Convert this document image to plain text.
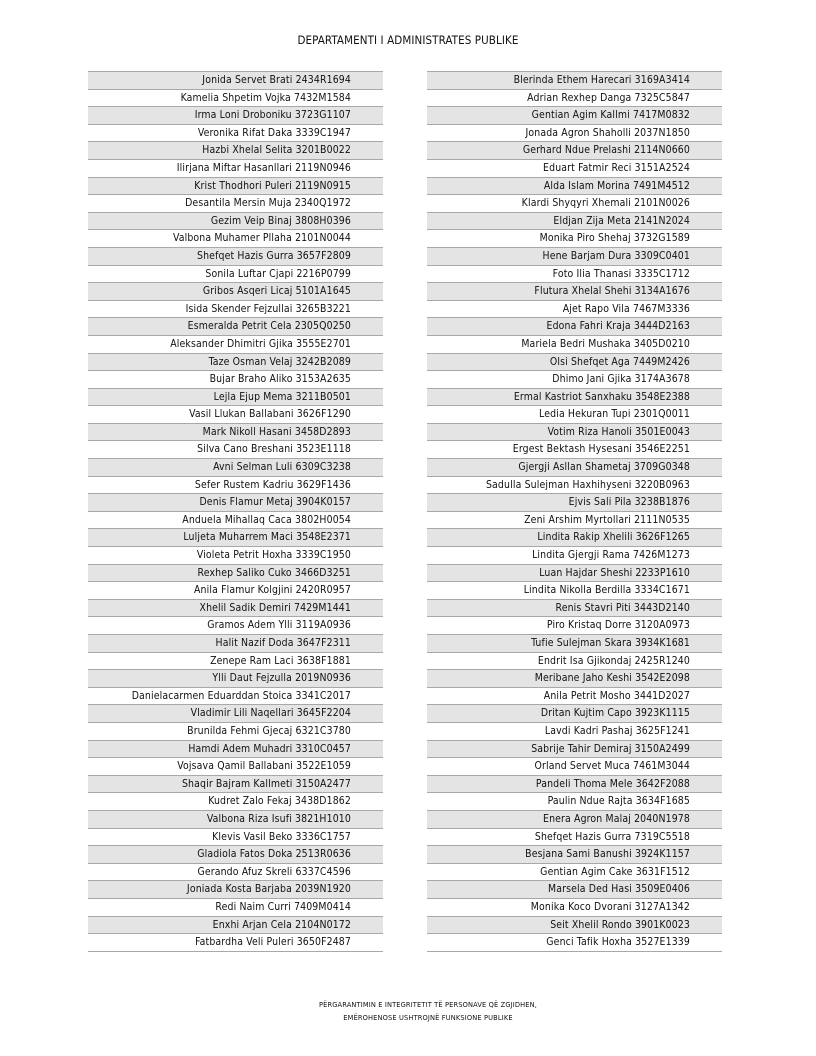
DEPARTAMENTI I ADMINISTRATES PUBLIKE
Jonida Servet Brati 2434R1694
Kamelia Shpetim Vojka 7432M1584
Irma Loni Droboniku 3723G1107
Veronika Rifat Daka 3339C1947
Hazbi Xhelal Selita 3201B0022
Ilirjana Miftar Hasanllari 2119N0946
Krist Thodhori Puleri 2119N0915
Desantila Mersin Muja 2340Q1972
Gezim Veip Binaj 3808H0396
Valbona Muhamer Pllaha 2101N0044
Shefqet Hazis Gurra 3657F2809
Sonila Luftar Cjapi 2216P0799
Gribos Asqeri Licaj 5101A1645
Isida Skender Fejzullai 3265B3221
Esmeralda Petrit Cela 2305Q0250
Aleksander Dhimitri Gjika 3555E2701
Taze Osman Velaj 3242B2089
Bujar Braho Aliko 3153A2635
Lejla Ejup Mema 3211B0501
Vasil Llukan Ballabani 3626F1290
Mark Nikoll Hasani 3458D2893
Silva Cano Breshani 3523E1118
Avni Selman Luli 6309C3238
Sefer Rustem Kadriu 3629F1436
Denis Flamur Metaj 3904K0157
Anduela Mihallaq Caca 3802H0054
Luljeta Muharrem Maci 3548E2371
Violeta Petrit Hoxha 3339C1950
Rexhep Saliko Cuko 3466D3251
Anila Flamur Kolgjini 2420R0957
Xhelil Sadik Demiri 7429M1441
Gramos Adem Ylli 3119A0936
Halit Nazif Doda 3647F2311
Zenepe Ram Laci 3638F1881
Ylli Daut Fejzulla 2019N0936
Danielacarmen Eduarddan Stoica 3341C2017
Vladimir Lili Naqellari 3645F2204
Brunilda Fehmi Gjecaj 6321C3780
Hamdi Adem Muhadri 3310C0457
Vojsava Qamil Ballabani 3522E1059
Shaqir Bajram Kallmeti 3150A2477
Kudret Zalo Fekaj 3438D1862
Valbona Riza Isufi 3821H1010
Klevis Vasil Beko 3336C1757
Gladiola Fatos Doka 2513R0636
Gerando Afuz Skreli 6337C4596
Joniada Kosta Barjaba 2039N1920
Redi Naim Curri 7409M0414
Enxhi Arjan Cela 2104N0172
Fatbardha Veli Puleri 3650F2487
Blerinda Ethem Harecari 3169A3414
Adrian Rexhep Danga 7325C5847
Gentian Agim Kallmi 7417M0832
Jonada Agron Shaholli 2037N1850
Gerhard Ndue Prelashi 2114N0660
Eduart Fatmir Reci 3151A2524
Alda Islam Morina 7491M4512
Klardi Shyqyri Xhemali 2101N0026
Eldjan Zija Meta 2141N2024
Monika Piro Shehaj 3732G1589
Hene Barjam Dura 3309C0401
Foto Ilia Thanasi 3335C1712
Flutura Xhelal Shehi 3134A1676
Ajet Rapo Vila 7467M3336
Edona Fahri Kraja 3444D2163
Mariela Bedri Mushaka 3405D0210
Olsi Shefqet Aga 7449M2426
Dhimo Jani Gjika 3174A3678
Ermal Kastriot Sanxhaku 3548E2388
Ledia Hekuran Tupi 2301Q0011
Votim Riza Hanoli 3501E0043
Ergest Bektash Hysesani 3546E2251
Gjergji Asllan Shametaj 3709G0348
Sadulla Sulejman Haxhihyseni 3220B0963
Ejvis Sali Pila 3238B1876
Zeni Arshim Myrtollari 2111N0535
Lindita Rakip Xhelili 3626F1265
Lindita Gjergji Rama 7426M1273
Luan Hajdar Sheshi 2233P1610
Lindita Nikolla Berdilla 3334C1671
Renis Stavri Piti 3443D2140
Piro Kristaq Dorre 3120A0973
Tufie Sulejman Skara 3934K1681
Endrit Isa Gjikondaj 2425R1240
Meribane Jaho Keshi 3542E2098
Anila Petrit Mosho 3441D2027
Dritan Kujtim Capo 3923K1115
Lavdi Kadri Pashaj 3625F1241
Sabrije Tahir Demiraj 3150A2499
Orland Servet Muca 7461M3044
Pandeli Thoma Mele 3642F2088
Paulin Ndue Rajta 3634F1685
Enera Agron Malaj 2040N1978
Shefqet Hazis Gurra 7319C5518
Besjana Sami Banushi 3924K1157
Gentian Agim Cake 3631F1512
Marsela Ded Hasi 3509E0406
Monika Koco Dvorani 3127A1342
Seit Xhelil Rondo 3901K0023
Genci Tafik Hoxha 3527E1339
PËRGARANTIMIN E INTEGRITETIT TË PERSONAVE QË ZGJIDHEN,
EMËROHENOSE USHTROJNË FUNKSIONE PUBLIKE
